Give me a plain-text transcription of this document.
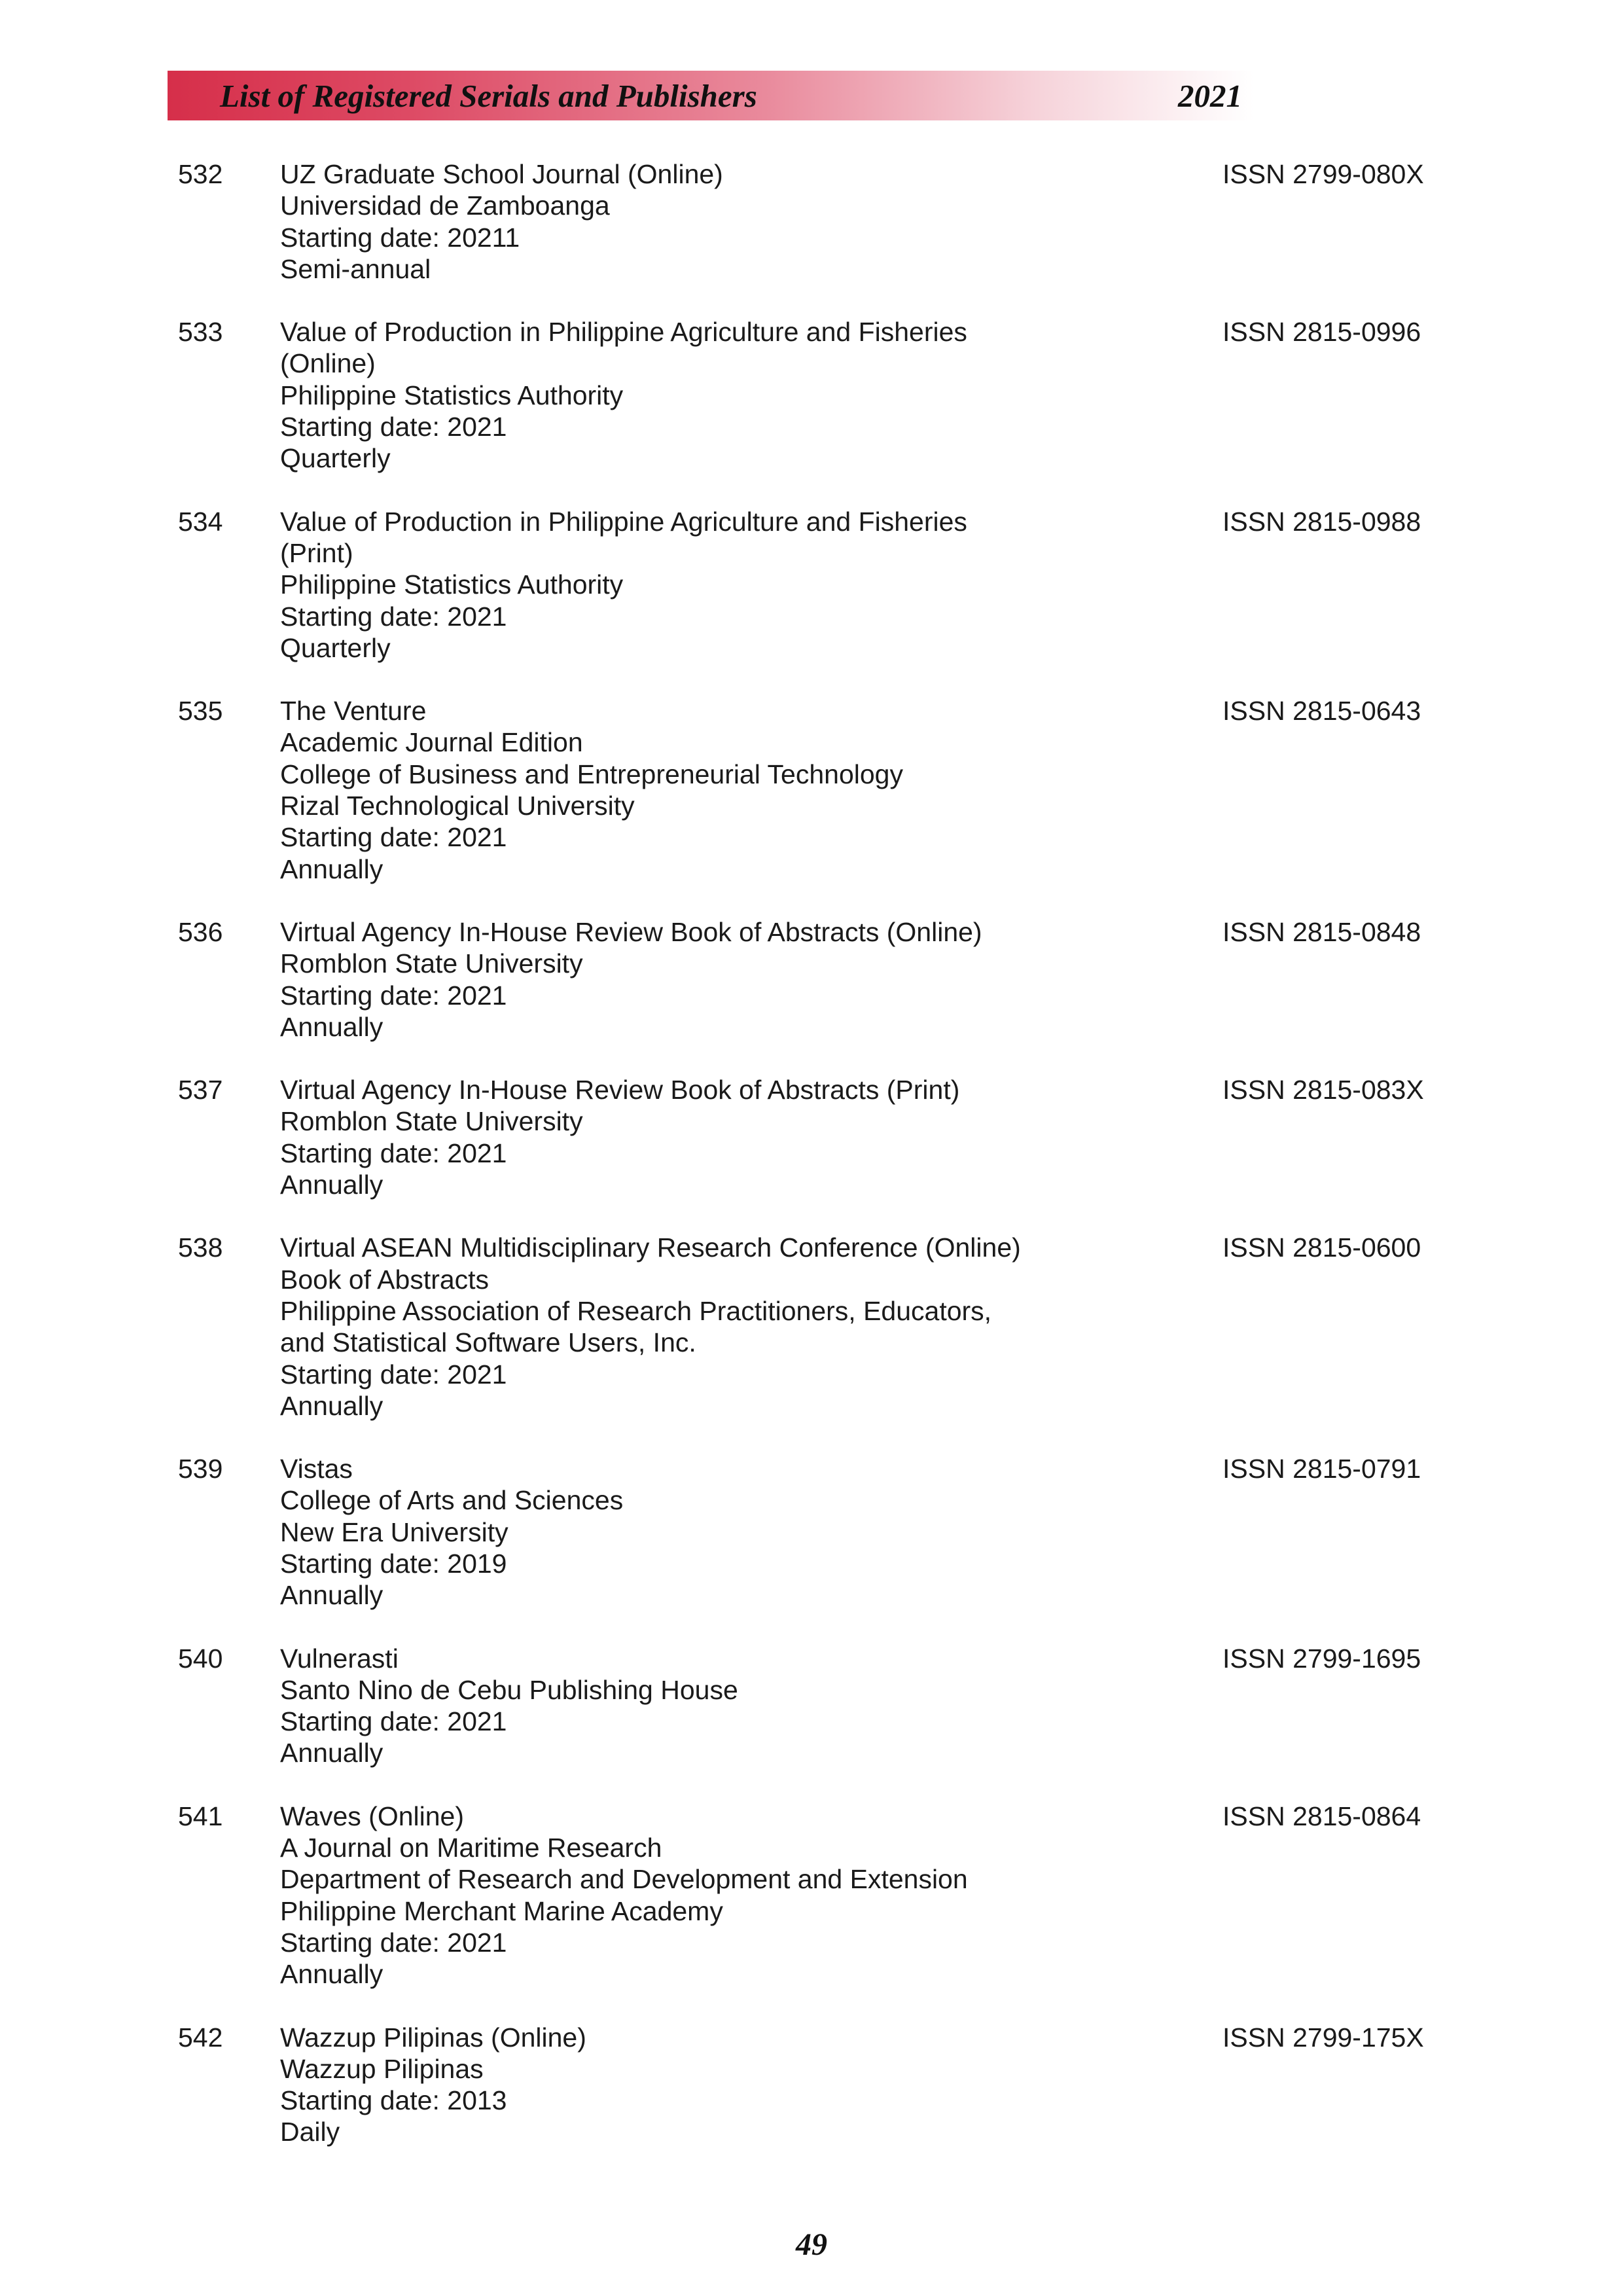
List of Registered Serials and Publishers	2021
532 UZ Graduate School Journal (Online)
Universidad de Zamboanga
Starting date: 20211
Semi-annual
ISSN 2799-080X
533 Value of Production in Philippine Agriculture and Fisheries
(Online)
Philippine Statistics Authority
Starting date: 2021
Quarterly
ISSN 2815-0996
534 Value of Production in Philippine Agriculture and Fisheries
(Print)
Philippine Statistics Authority
Starting date: 2021
Quarterly
ISSN 2815-0988
535 The Venture
Academic Journal Edition
College of Business and Entrepreneurial Technology
Rizal Technological University
Starting date: 2021
Annually
ISSN 2815-0643
536 Virtual Agency In-House Review Book of Abstracts (Online)
Romblon State University
Starting date: 2021
Annually
ISSN 2815-0848
537 Virtual Agency In-House Review Book of Abstracts (Print)
Romblon State University
Starting date: 2021
Annually
ISSN 2815-083X
538 Virtual ASEAN Multidisciplinary Research Conference (Online)
Book of Abstracts
Philippine Association of Research Practitioners, Educators,
and Statistical Software Users, Inc.
Starting date: 2021
Annually
ISSN 2815-0600
539 Vistas
College of Arts and Sciences
New Era University
Starting date: 2019
Annually
ISSN 2815-0791
540 Vulnerasti
Santo Nino de Cebu Publishing House
Starting date: 2021
Annually
ISSN 2799-1695
541 Waves (Online)
A Journal on Maritime Research
Department of Research and Development and Extension
Philippine Merchant Marine Academy
Starting date: 2021
Annually
ISSN 2815-0864
542 Wazzup Pilipinas (Online)
Wazzup Pilipinas
Starting date: 2013
Daily
ISSN 2799-175X
49
